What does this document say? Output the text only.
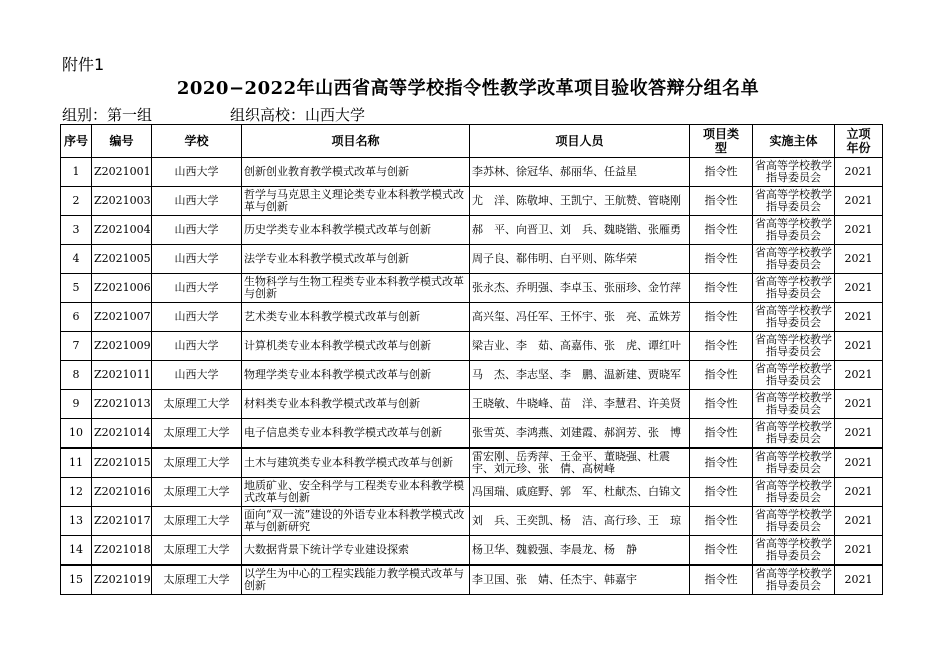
附件1
2020−2022年山西省高等学校指令性教学改革项目验收答辩分组名单
组别：第一组	组织高校：山西大学
序号	编号	学校	项目名称	项目人员	项目类型	实施主体	立项年份
1	Z2021001	山西大学	创新创业教育教学模式改革与创新	李苏林、徐冠华、郝丽华、任益星	指令性	省高等学校教学指导委员会	2021
2	Z2021003	山西大学	哲学与马克思主义理论类专业本科教学模式改革与创新	尤　洋、陈敬坤、王凯宁、王航赞、管晓刚	指令性	省高等学校教学指导委员会	2021
3	Z2021004	山西大学	历史学类专业本科教学模式改革与创新	郝　平、向晋卫、刘　兵、魏晓锴、张雁勇	指令性	省高等学校教学指导委员会	2021
4	Z2021005	山西大学	法学专业本科教学模式改革与创新	周子良、郗伟明、白平则、陈华荣	指令性	省高等学校教学指导委员会	2021
5	Z2021006	山西大学	生物科学与生物工程类专业本科教学模式改革与创新	张永杰、乔明强、李卓玉、张丽珍、金竹萍	指令性	省高等学校教学指导委员会	2021
6	Z2021007	山西大学	艺术类专业本科教学模式改革与创新	高兴玺、冯任军、王怀宇、张　亮、孟姝芳	指令性	省高等学校教学指导委员会	2021
7	Z2021009	山西大学	计算机类专业本科教学模式改革与创新	梁吉业、李　茹、高嘉伟、张　虎、谭红叶	指令性	省高等学校教学指导委员会	2021
8	Z2021011	山西大学	物理学类专业本科教学模式改革与创新	马　杰、李志坚、李　鹏、温新建、贾晓军	指令性	省高等学校教学指导委员会	2021
9	Z2021013	太原理工大学	材料类专业本科教学模式改革与创新	王晓敏、牛晓峰、苗　洋、李慧君、许美贤	指令性	省高等学校教学指导委员会	2021
10	Z2021014	太原理工大学	电子信息类专业本科教学模式改革与创新	张雪英、李鸿燕、刘建霞、郝润芳、张　博	指令性	省高等学校教学指导委员会	2021
11	Z2021015	太原理工大学	土木与建筑类专业本科教学模式改革与创新	雷宏刚、岳秀萍、王金平、董晓强、杜震宇、刘元珍、张　倩、高树峰	指令性	省高等学校教学指导委员会	2021
12	Z2021016	太原理工大学	地质矿业、安全科学与工程类专业本科教学模式改革与创新	冯国瑞、戚庭野、郭　军、杜献杰、白锦文	指令性	省高等学校教学指导委员会	2021
13	Z2021017	太原理工大学	面向“双一流”建设的外语专业本科教学模式改革与创新研究	刘　兵、王奕凯、杨　洁、高行珍、王　琼	指令性	省高等学校教学指导委员会	2021
14	Z2021018	太原理工大学	大数据背景下统计学专业建设探索	杨卫华、魏毅强、李晨龙、杨　静	指令性	省高等学校教学指导委员会	2021
15	Z2021019	太原理工大学	以学生为中心的工程实践能力教学模式改革与创新	李卫国、张　婧、任杰宇、韩嘉宇	指令性	省高等学校教学指导委员会	2021
